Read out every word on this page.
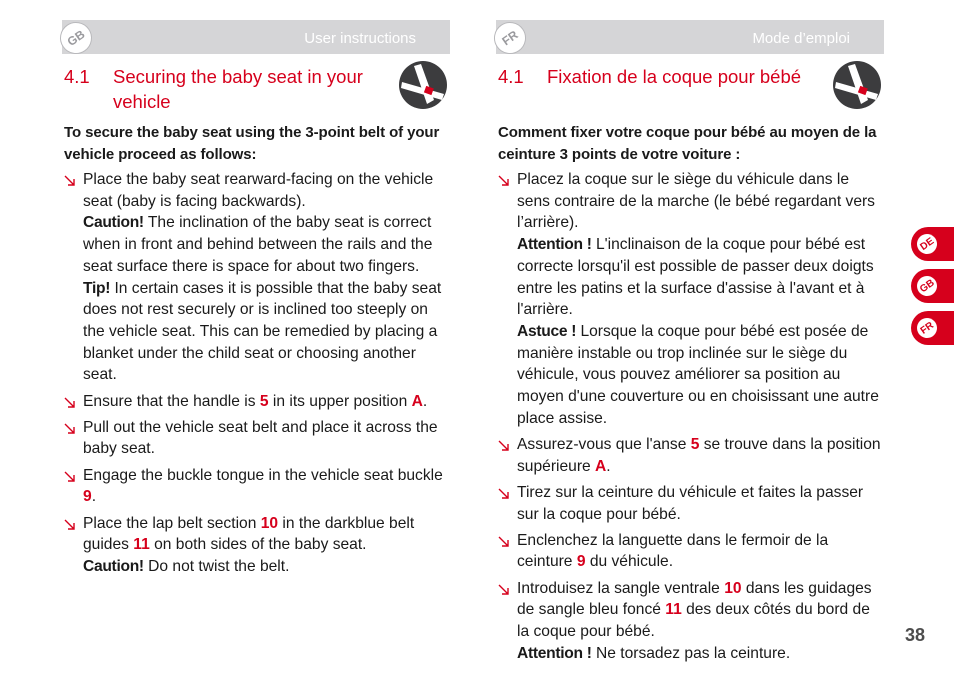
GB	User instructions
4.1 Securing the baby seat in your vehicle
To secure the baby seat using the 3-point belt of your vehicle proceed as follows:
Place the baby seat rearward-facing on the vehicle seat (baby is facing backwards).
Caution! The inclination of the baby seat is correct when in front and behind between the rails and the seat surface there is space for about two fingers.
Tip! In certain cases it is possible that the baby seat does not rest securely or is inclined too steeply on the vehicle seat. This can be remedied by placing a blanket under the child seat or choosing another seat.
Ensure that the handle is 5 in its upper position A.
Pull out the vehicle seat belt and place it across the baby seat.
Engage the buckle tongue in the vehicle seat buckle 9.
Place the lap belt section 10 in the darkblue belt guides 11 on both sides of the baby seat.
Caution! Do not twist the belt.
FR	Mode d’emploi
4.1 Fixation de la coque pour bébé
Comment fixer votre coque pour bébé au moyen de la ceinture 3 points de votre voiture :
Placez la coque sur le siège du véhicule dans le sens contraire de la marche (le bébé regardant vers l’arrière).
Attention ! L'inclinaison de la coque pour bébé est correcte lorsqu'il est possible de passer deux doigts entre les patins et la surface d'assise à l'avant et à l'arrière.
Astuce ! Lorsque la coque pour bébé est posée de manière instable ou trop inclinée sur le siège du véhicule, vous pouvez améliorer sa position au moyen d'une couverture ou en choisissant une autre place assise.
Assurez-vous que l'anse 5 se trouve dans la position supérieure A.
Tirez sur la ceinture du véhicule et faites la passer sur la coque pour bébé.
Enclenchez la languette dans le fermoir de la ceinture 9 du véhicule.
Introduisez la sangle ventrale 10 dans les guidages de sangle bleu foncé 11 des deux côtés du bord de la coque pour bébé.
Attention ! Ne torsadez pas la ceinture.
DE
GB
FR
38
